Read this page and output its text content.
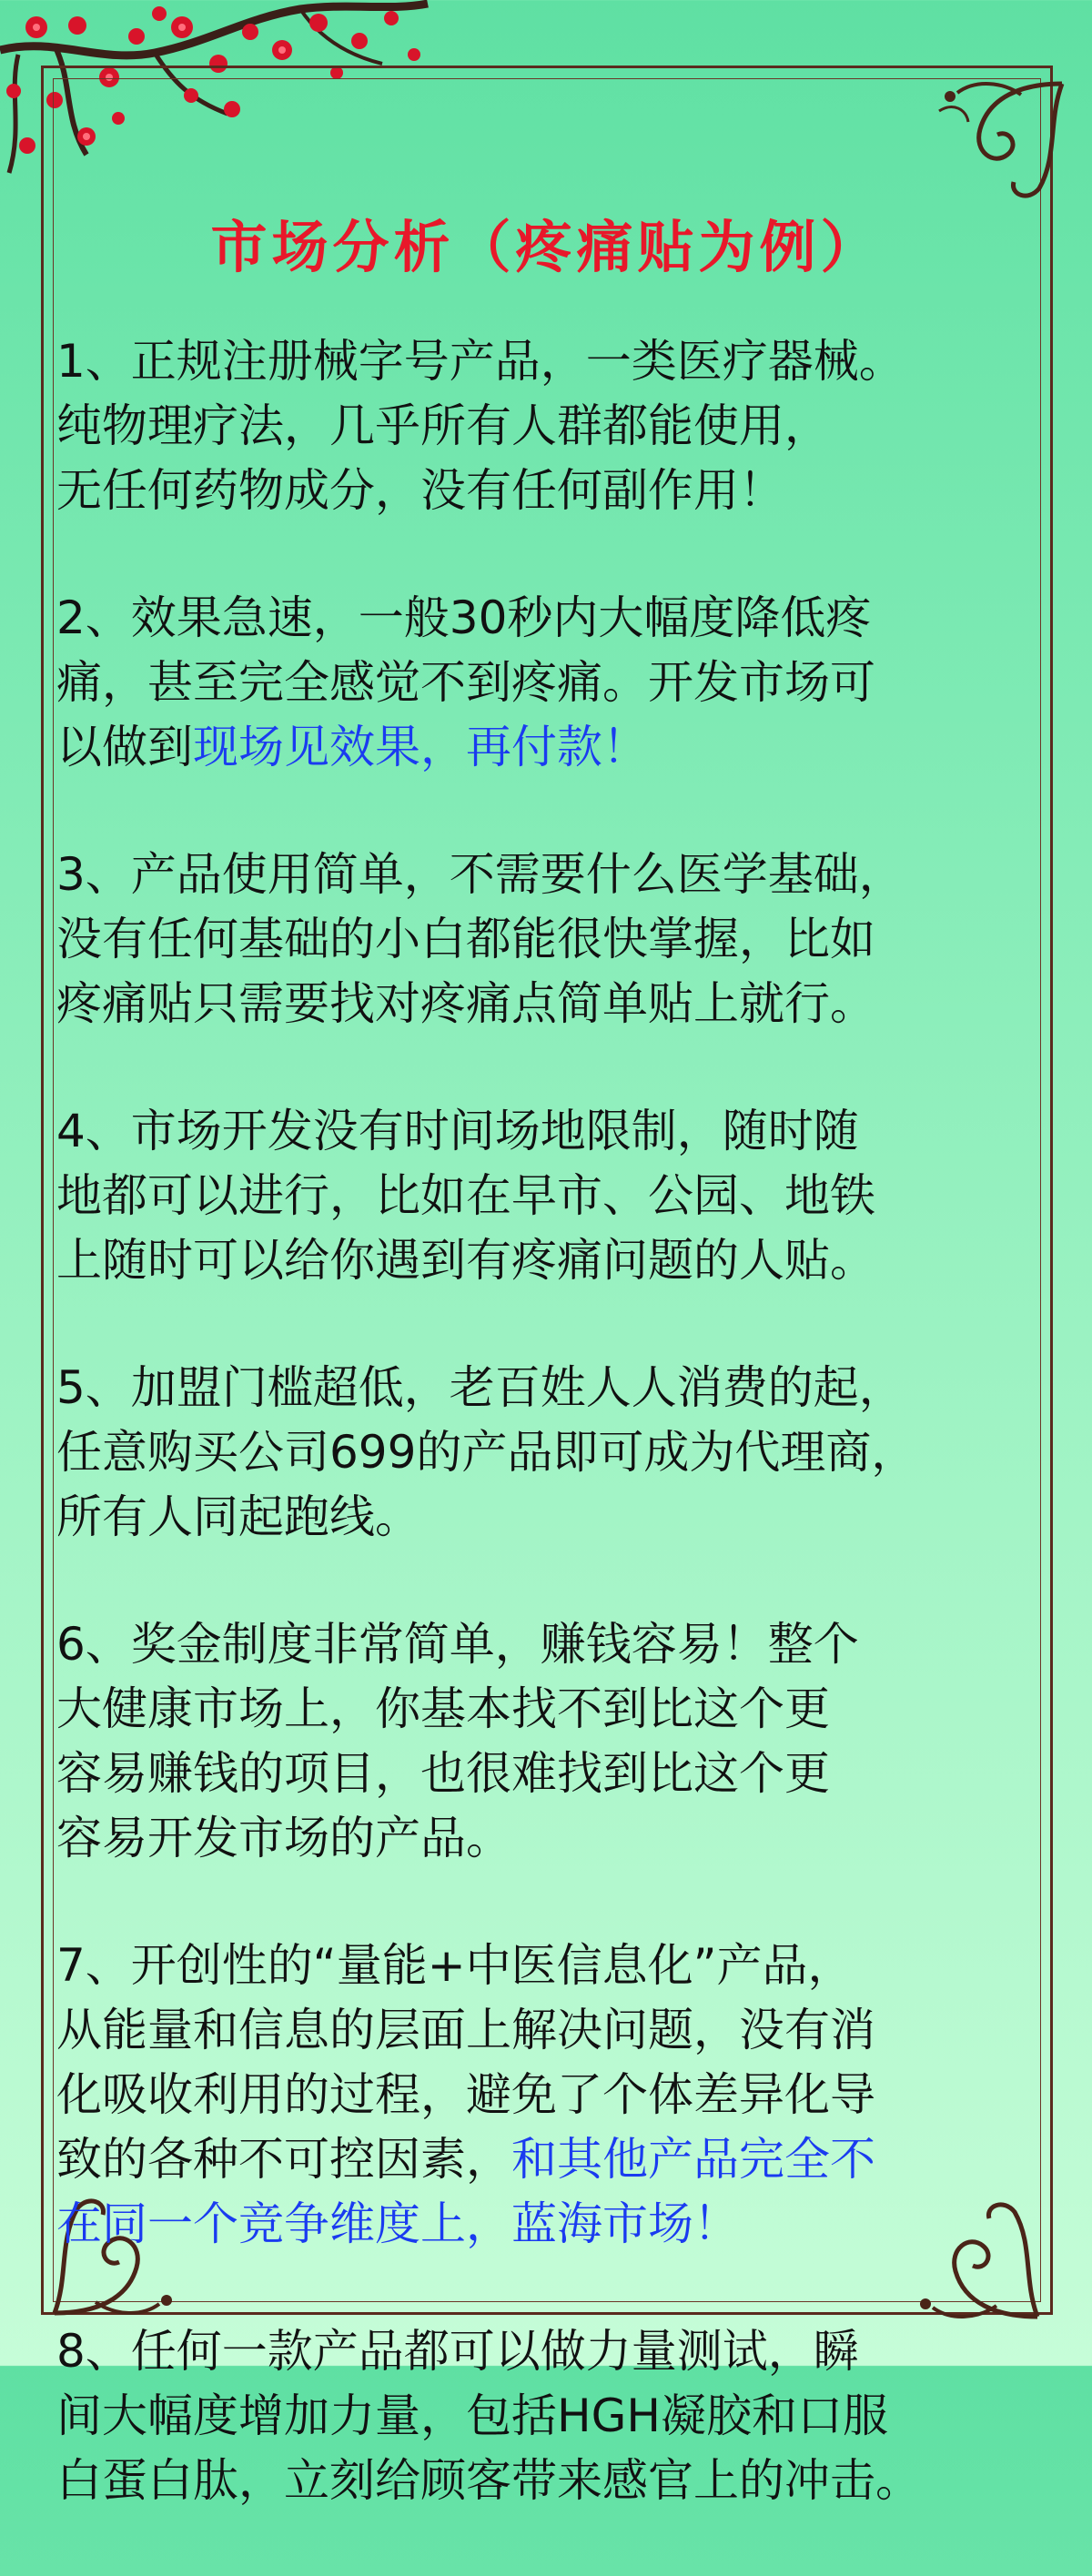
市场分析（疼痛贴为例）
1、正规注册械字号产品，一类医疗器械。
纯物理疗法，几乎所有人群都能使用，
无任何药物成分，没有任何副作用！
2、效果急速，一般30秒内大幅度降低疼
痛，甚至完全感觉不到疼痛。开发市场可
以做到现场见效果，再付款！
3、产品使用简单，不需要什么医学基础，
没有任何基础的小白都能很快掌握，比如
疼痛贴只需要找对疼痛点简单贴上就行。
4、市场开发没有时间场地限制，随时随
地都可以进行，比如在早市、公园、地铁
上随时可以给你遇到有疼痛问题的人贴。
5、加盟门槛超低，老百姓人人消费的起，
任意购买公司699的产品即可成为代理商，
所有人同起跑线。
6、奖金制度非常简单，赚钱容易！整个
大健康市场上，你基本找不到比这个更
容易赚钱的项目，也很难找到比这个更
容易开发市场的产品。
7、开创性的“量能+中医信息化”产品，
从能量和信息的层面上解决问题，没有消
化吸收利用的过程，避免了个体差异化导
致的各种不可控因素，和其他产品完全不
在同一个竞争维度上，蓝海市场！
8、任何一款产品都可以做力量测试，瞬
间大幅度增加力量，包括HGH凝胶和口服
白蛋白肽，立刻给顾客带来感官上的冲击。
